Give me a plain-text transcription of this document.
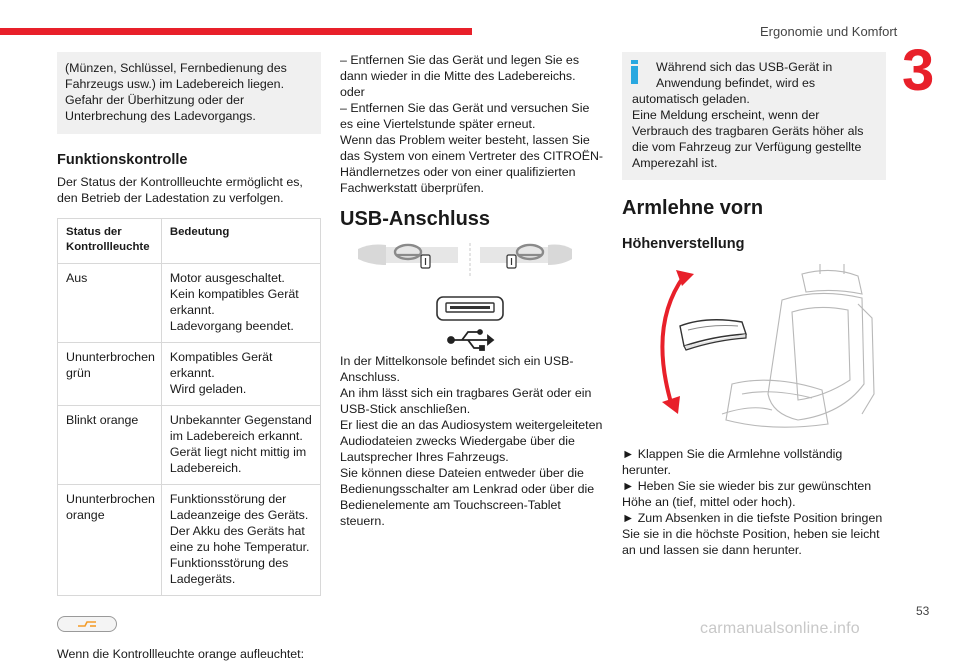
Ergonomie und Komfort
3

(Münzen, Schlüssel, Fernbedienung des Fahrzeugs usw.) im Ladebereich liegen. Gefahr der Überhitzung oder der Unterbrechung des Ladevorgangs.

Funktionskontrolle

Der Status der Kontrollleuchte ermöglicht es, den Betrieb der Ladestation zu verfolgen.

Status der Kontrollleuchte	Bedeutung
Aus	Motor ausgeschaltet.
Kein kompatibles Gerät erkannt.
Ladevorgang beendet.

Ununterbrochen grün	Kompatibles Gerät erkannt.
Wird geladen.

Blinkt orange	Unbekannter Gegenstand im Ladebereich erkannt.
Gerät liegt nicht mittig im Ladebereich.

Ununterbrochen orange	Funktionsstörung der Ladeanzeige des Geräts.
Der Akku des Geräts hat eine zu hohe Temperatur.
Funktionsstörung des Ladegeräts.

Wenn die Kontrollleuchte orange aufleuchtet:

– Entfernen Sie das Gerät und legen Sie es dann wieder in die Mitte des Ladebereichs.

oder

– Entfernen Sie das Gerät und versuchen Sie es eine Viertelstunde später erneut.

Wenn das Problem weiter besteht, lassen Sie das System von einem Vertreter des CITROËN-Händlernetzes oder von einer qualifizierten Fachwerkstatt überprüfen.

USB-Anschluss

In der Mittelkonsole befindet sich ein USB-Anschluss.

An ihm lässt sich ein tragbares Gerät oder ein USB-Stick anschließen.

Er liest die an das Audiosystem weitergeleiteten Audiodateien zwecks Wiedergabe über die Lautsprecher Ihres Fahrzeugs.

Sie können diese Dateien entweder über die Bedienungsschalter am Lenkrad oder über die Bedienelemente am Touchscreen-Tablet steuern.

Während sich das USB-Gerät in Anwendung befindet, wird es

automatisch geladen.

Eine Meldung erscheint, wenn der Verbrauch des tragbaren Geräts höher als die vom Fahrzeug zur Verfügung gestellte Amperezahl ist.

Armlehne vorn
Höhenverstellung

► Klappen Sie die Armlehne vollständig herunter.

► Heben Sie sie wieder bis zur gewünschten Höhe an (tief, mittel oder hoch).

► Zum Absenken in die tiefste Position bringen Sie sie in die höchste Position, heben sie leicht an und lassen sie dann herunter.

53
carmanualsonline.info
